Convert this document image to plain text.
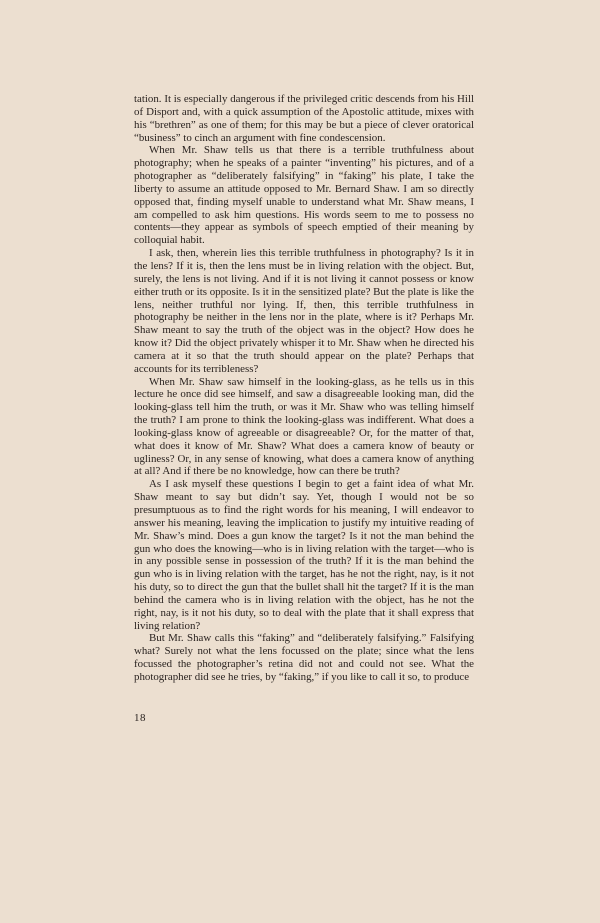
tation. It is especially dangerous if the privileged critic descends from his Hill of Disport and, with a quick assumption of the Apostolic attitude, mixes with his “brethren” as one of them; for this may be but a piece of clever oratorical “business” to cinch an argument with fine condescension.

When Mr. Shaw tells us that there is a terrible truthfulness about photography; when he speaks of a painter “inventing” his pictures, and of a photographer as “deliberately falsifying” in “faking” his plate, I take the liberty to assume an attitude opposed to Mr. Bernard Shaw. I am so directly opposed that, finding myself unable to understand what Mr. Shaw means, I am compelled to ask him questions. His words seem to me to possess no contents—they appear as symbols of speech emptied of their meaning by colloquial habit.

I ask, then, wherein lies this terrible truthfulness in photography? Is it in the lens? If it is, then the lens must be in living relation with the object. But, surely, the lens is not living. And if it is not living it cannot possess or know either truth or its opposite. Is it in the sensitized plate? But the plate is like the lens, neither truthful nor lying. If, then, this terrible truthfulness in photography be neither in the lens nor in the plate, where is it? Perhaps Mr. Shaw meant to say the truth of the object was in the object? How does he know it? Did the object privately whisper it to Mr. Shaw when he directed his camera at it so that the truth should appear on the plate? Perhaps that accounts for its terribleness?

When Mr. Shaw saw himself in the looking-glass, as he tells us in this lecture he once did see himself, and saw a disagreeable looking man, did the looking-glass tell him the truth, or was it Mr. Shaw who was telling himself the truth? I am prone to think the looking-glass was indifferent. What does a looking-glass know of agreeable or disagreeable? Or, for the matter of that, what does it know of Mr. Shaw? What does a camera know of beauty or ugliness? Or, in any sense of knowing, what does a camera know of anything at all? And if there be no knowledge, how can there be truth?

As I ask myself these questions I begin to get a faint idea of what Mr. Shaw meant to say but didn’t say. Yet, though I would not be so presumptuous as to find the right words for his meaning, I will endeavor to answer his meaning, leaving the implication to justify my intuitive reading of Mr. Shaw’s mind. Does a gun know the target? Is it not the man behind the gun who does the knowing—who is in living relation with the target—who is in any possible sense in possession of the truth? If it is the man behind the gun who is in living relation with the target, has he not the right, nay, is it not his duty, so to direct the gun that the bullet shall hit the target? If it is the man behind the camera who is in living relation with the object, has he not the right, nay, is it not his duty, so to deal with the plate that it shall express that living relation?

But Mr. Shaw calls this “faking” and “deliberately falsifying.” Falsifying what? Surely not what the lens focussed on the plate; since what the lens focussed the photographer’s retina did not and could not see. What the photographer did see he tries, by “faking,” if you like to call it so, to produce

18
